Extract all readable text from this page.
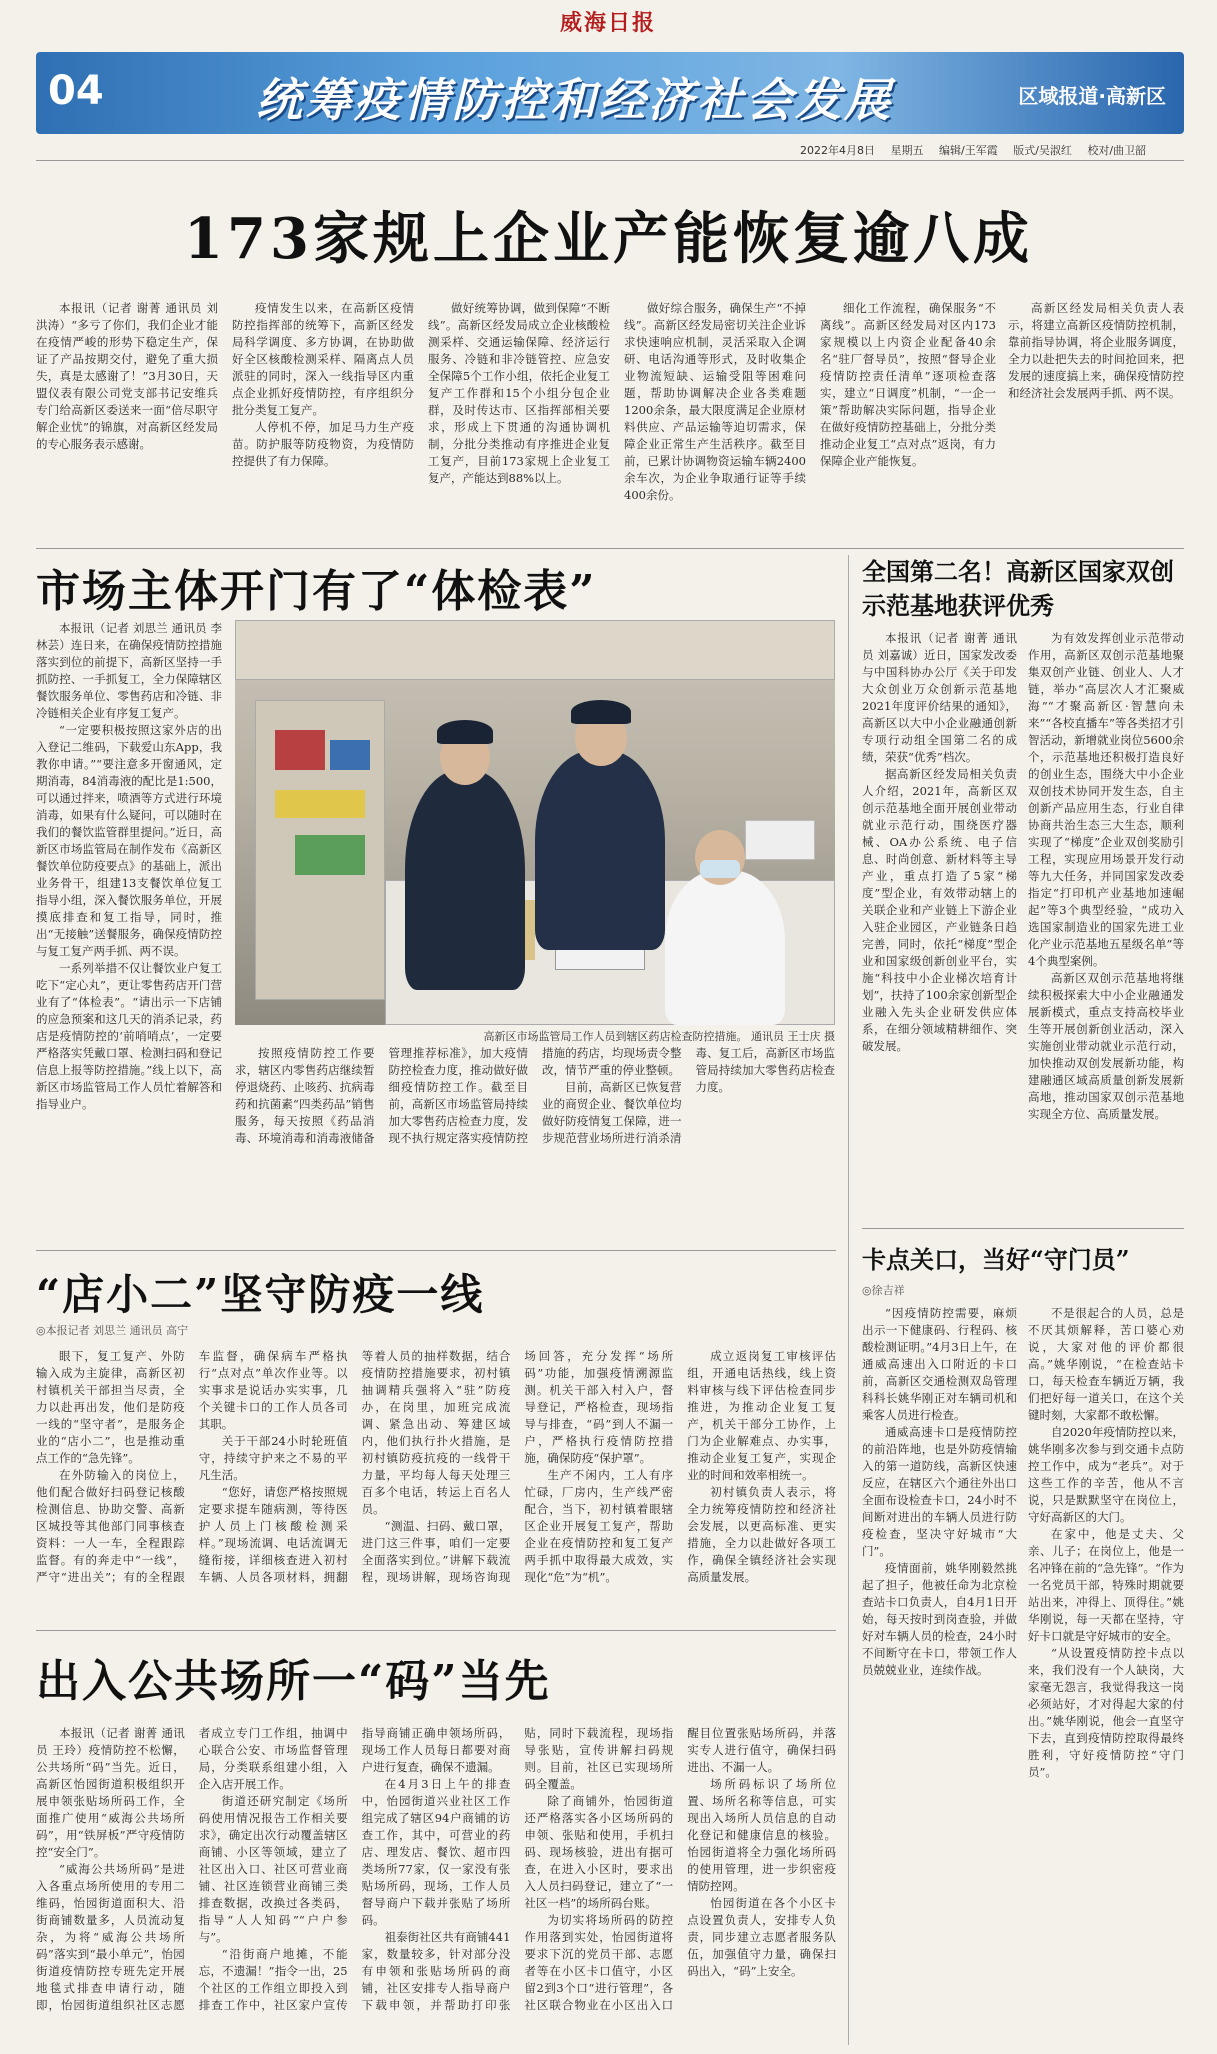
威海日报
04	统筹疫情防控和经济社会发展	区域报道·高新区
2022年4月8日 星期五 编辑/王军霞 版式/吴淑红 校对/曲卫韶
173家规上企业产能恢复逾八成

本报讯（记者 谢菁 通讯员 刘洪涛）“多亏了你们，我们企业才能在疫情严峻的形势下稳定生产，保证了产品按期交付，避免了重大损失，真是太感谢了！”3月30日，天盟仪表有限公司党支部书记安维兵专门给高新区委送来一面“倍尽职守解企业忧”的锦旗，对高新区经发局的专心服务表示感谢。

疫情发生以来，在高新区疫情防控指挥部的统筹下，高新区经发局科学调度、多方协调，在协助做好全区核酸检测采样、隔离点人员派驻的同时，深入一线指导区内重点企业抓好疫情防控，有序组织分批分类复工复产。

人停机不停，加足马力生产疫苗。防护服等防疫物资，为疫情防控提供了有力保障。

做好统筹协调，做到保障“不断线”。高新区经发局成立企业核酸检测采样、交通运输保障、经济运行服务、冷链和非冷链管控、应急安全保障5个工作小组，依托企业复工复产工作群和15个小组分包企业群，及时传达市、区指挥部相关要求，形成上下贯通的沟通协调机制，分批分类推动有序推进企业复工复产，目前173家规上企业复工复产，产能达到88%以上。

做好综合服务，确保生产“不掉线”。高新区经发局密切关注企业诉求快速响应机制，灵活采取入企调研、电话沟通等形式，及时收集企业物流短缺、运输受阻等困难问题，帮助协调解决企业各类难题1200余条，最大限度满足企业原材料供应、产品运输等迫切需求，保障企业正常生产生活秩序。截至目前，已累计协调物资运输车辆2400余车次，为企业争取通行证等手续400余份。

细化工作流程，确保服务“不离线”。高新区经发局对区内173家规模以上内资企业配备40余名“驻厂督导员”，按照“督导企业疫情防控责任清单”逐项检查落实，建立“日调度”机制，“一企一策”帮助解决实际问题，指导企业在做好疫情防控基础上，分批分类推动企业复工“点对点”返岗，有力保障企业产能恢复。

高新区经发局相关负责人表示，将建立高新区疫情防控机制，靠前指导协调，将企业服务调度，全力以赴把失去的时间抢回来，把发展的速度搞上来，确保疫情防控和经济社会发展两手抓、两不误。

市场主体开门有了“体检表”

本报讯（记者 刘思兰 通讯员 李林芸）连日来，在确保疫情防控措施落实到位的前提下，高新区坚持一手抓防控、一手抓复工，全力保障辖区餐饮服务单位、零售药店和冷链、非冷链相关企业有序复工复产。

“一定要积极按照这家外店的出入登记二维码，下载爱山东App，我教你申请。”“要注意多开窗通风，定期消毒，84消毒液的配比是1:500，可以通过拌来，喷酒等方式进行环境消毒，如果有什么疑问，可以随时在我们的餐饮监管群里提问。”近日，高新区市场监管局在制作发布《高新区餐饮单位防疫要点》的基础上，派出业务骨干，组建13支餐饮单位复工指导小组，深入餐饮服务单位，开展摸底排查和复工指导，同时，推出“无接触”送餐服务，确保疫情防控与复工复产两手抓、两不误。

一系列举措不仅让餐饮业户复工吃下“定心丸”，更让零售药店开门营业有了“体检表”。“请出示一下店铺的应急预案和这几天的消杀记录，药店是疫情防控的‘前哨哨点’，一定要严格落实凭戴口罩、检测扫码和登记信息上报等防控措施。”线上以下，高新区市场监管局工作人员忙着解答和指导业户。

高新区市场监管局工作人员到辖区药店检查防控措施。 通讯员 王士庆 摄

按照疫情防控工作要求，辖区内零售药店继续暂停退烧药、止咳药、抗病毒药和抗菌素“四类药品”销售服务，每天按照《药品消毒、环境消毒和消毒液储备管理推荐标准》，加大疫情防控检查力度，推动做好做细疫情防控工作。截至目前，高新区市场监管局持续加大零售药店检查力度，发现不执行规定落实疫情防控措施的药店，均现场责令整改，情节严重的停业整顿。

目前，高新区已恢复营业的商贸企业、餐饮单位均做好防疫情复工保障，进一步规范营业场所进行消杀清毒、复工后，高新区市场监管局持续加大零售药店检查力度。

全国第二名！高新区国家双创示范基地获评优秀

本报讯（记者 谢菁 通讯员 刘嘉诚）近日，国家发改委与中国科协办公厅《关于印发大众创业万众创新示范基地2021年度评价结果的通知》，高新区以大中小企业融通创新专项行动组全国第二名的成绩，荣获“优秀”档次。

据高新区经发局相关负责人介绍，2021年，高新区双创示范基地全面开展创业带动就业示范行动，围绕医疗器械、OA办公系统、电子信息、时尚创意、新材料等主导产业，重点打造了5家“梯度”型企业，有效带动辖上的关联企业和产业链上下游企业入驻企业园区，产业链条日趋完善，同时，依托“梯度”型企业和国家级创新创业平台，实施“科技中小企业梯次培育计划”，扶持了100余家创新型企业融入先头企业研发供应体系，在细分领域精耕细作、突破发展。

为有效发挥创业示范带动作用，高新区双创示范基地聚集双创产业链、创业人、人才链，举办“高层次人才汇聚威海”“才聚高新区·智慧向未来”“各校直播车”等各类招才引智活动，新增就业岗位5600余个，示范基地还积极打造良好的创业生态，围绕大中小企业双创技术协同开发生态，自主创新产品应用生态，行业自律协商共治生态三大生态，顺利实现了“梯度”企业双创奖励引工程，实现应用场景开发行动等九大任务，并同国家发改委指定“打印机产业基地加速崛起”等3个典型经验，“成功入选国家制造业的国家先进工业化产业示范基地五星级名单”等4个典型案例。

高新区双创示范基地将继续积极探索大中小企业融通发展新模式，重点支持高校毕业生等开展创新创业活动，深入实施创业带动就业示范行动，加快推动双创发展新功能，构建融通区域高质量创新发展新高地，推动国家双创示范基地实现全方位、高质量发展。

卡点关口，当好“守门员”
◎徐吉祥

“因疫情防控需要，麻烦出示一下健康码、行程码、核酸检测证明。”4月3日上午，在通威高速出入口附近的卡口前，高新区交通检测双岛管理科科长姚华刚正对车辆司机和乘客人员进行检查。

通威高速卡口是疫情防控的前沿阵地，也是外防疫情输入的第一道防线，高新区快速反应，在辖区六个通往外出口全面布设检查卡口，24小时不间断对进出的车辆人员进行防疫检查，坚决守好城市“大门”。

疫情面前，姚华刚毅然挑起了担子，他被任命为北京检查站卡口负责人，自4月1日开始，每天按时到岗查验，并做好对车辆人员的检查，24小时不间断守在卡口，带领工作人员兢兢业业，连续作战。

不是很起合的人员，总是不厌其烦解释，苦口婆心劝说，大家对他的评价都很高。”姚华刚说，“在检查站卡口，每天检查车辆近万辆，我们把好每一道关口，在这个关键时刻，大家都不敢松懈。

自2020年疫情防控以来，姚华刚多次参与到交通卡点防控工作中，成为“老兵”。对于这些工作的辛苦，他从不言说，只是默默坚守在岗位上，守好高新区的大门。

在家中，他是丈夫、父亲、儿子；在岗位上，他是一名冲锋在前的“急先锋”。“作为一名党员干部，特殊时期就要站出来，冲得上、顶得住。”姚华刚说，每一天都在坚持，守好卡口就是守好城市的安全。

“从设置疫情防控卡点以来，我们没有一个人缺岗，大家毫无怨言，我觉得我这一岗必须站好，才对得起大家的付出。”姚华刚说，他会一直坚守下去，直到疫情防控取得最终胜利，守好疫情防控“守门员”。

“店小二”坚守防疫一线
◎本报记者 刘思兰 通讯员 高宁

眼下，复工复产、外防输入成为主旋律，高新区初村镇机关干部担当尽责，全力以赴再出发，他们是防疫一线的“坚守者”，是服务企业的“店小二”，也是推动重点工作的“急先锋”。

在外防输入的岗位上，他们配合做好扫码登记核酸检测信息、协助交警、高新区城投等其他部门同事核查资料：一人一车，全程跟踪监督。有的奔走中“一线”，严守“进出关”；有的全程跟车监督，确保病车严格执行“点对点”单次作业等。以实事求是说话办实实事，几个关键卡口的工作人员各司其职。

关于干部24小时轮班值守，持续守护来之不易的平凡生活。

“您好，请您严格按照规定要求提车随病测，等待医护人员上门核酸检测采样。”现场流调、电话流调无缝衔接，详细核查进入初村车辆、人员各项材料，拥翻等着人员的抽样数据，结合疫情防控措施要求，初村镇抽调精兵强将入“驻”防疫办，在岗里，加班完成流调、紧急出动、筹建区域内，他们执行扑火措施，是初村镇防疫抗疫的一线骨干力量，平均每人每天处理三百多个电话，转运上百名人员。

“测温、扫码、戴口罩，进门这三件事，咱们一定要全面落实到位。”讲解下载流程，现场讲解，现场咨询现场回答，充分发挥“场所码”功能，加强疫情溯源监测。机关干部入村入户，督导登记，严格检查，现场指导与排查，“码”到人不漏一户，严格执行疫情防控措施，确保防疫“保护罩”。

生产不闲内，工人有序忙碌，厂房内，生产线严密配合，当下，初村镇着眼辖区企业开展复工复产，帮助企业在疫情防控和复工复产两手抓中取得最大成效，实现化“危”为“机”。

成立返岗复工审核评估组，开通电话热线，线上资料审核与线下评估检查同步推进，为推动企业复工复产，机关干部分工协作，上门为企业解难点、办实事，推动企业复工复产，实现企业的时间和效率相统一。

初村镇负责人表示，将全力统筹疫情防控和经济社会发展，以更高标准、更实措施，全力以赴做好各项工作，确保全镇经济社会实现高质量发展。

出入公共场所一“码”当先

本报讯（记者 谢菁 通讯员 王玲）疫情防控不松懈，公共场所“码”当先。近日，高新区怡园街道积极组织开展申领张贴场所码工作，全面推广使用“威海公共场所码”，用“铁屏板”严守疫情防控“安全门”。

“威海公共场所码”是进入各重点场所使用的专用二维码，怡园街道面积大、沿街商铺数量多，人员流动复杂，为将“威海公共场所码”落实到“最小单元”，怡园街道疫情防控专班先定开展地毯式排查申请行动，随即，怡园街道组织社区志愿者成立专门工作组，抽调中心联合公安、市场监督管理局，分类联系组建小组，入企入店开展工作。

街道还研究制定《场所码使用情况报告工作相关要求》，确定出次行动覆盖辖区商铺、小区等领域，建立了社区出入口、社区可营业商铺、社区连锁营业商铺三类排查数据，改换过各类码，指导“人人知码”“户户参与”。

“沿街商户地摊，不能忘，不遗漏！”指令一出，25个社区的工作组立即投入到排查工作中，社区家户宣传指导商铺正确申领场所码，现场工作人员每日都要对商户进行复查，确保不遗漏。

在4月3日上午的排查中，怡园街道兴业社区工作组完成了辖区94户商铺的访查工作，其中，可营业的药店、理发店、餐饮、超市四类场所77家，仅一家没有张贴场所码，现场，工作人员督导商户下载并张贴了场所码。

祖泰街社区共有商铺441家，数量较多，针对部分没有申领和张贴场所码的商铺，社区安排专人指导商户下载申领，并帮助打印张贴，同时下载流程，现场指导张贴，宣传讲解扫码规则。目前，社区已实现场所码全覆盖。

除了商铺外，怡园街道还严格落实各小区场所码的申领、张贴和使用，手机扫码、现场核验，进出有据可查，在进入小区时，要求出入人员扫码登记，建立了“一社区一档”的场所码台账。

为切实将场所码的防控作用落到实处，怡园街道将要求下沉的党员干部、志愿者等在小区卡口值守，小区留2到3个口“进行管理”，各社区联合物业在小区出入口醒目位置张贴场所码，并落实专人进行值守，确保扫码进出、不漏一人。

场所码标识了场所位置、场所名称等信息，可实现出入场所人员信息的自动化登记和健康信息的核验。怡园街道将全力强化场所码的使用管理，进一步织密疫情防控网。

怡园街道在各个小区卡点设置负责人，安排专人负责，同步建立志愿者服务队伍，加强值守力量，确保扫码出入，“码”上安全。
